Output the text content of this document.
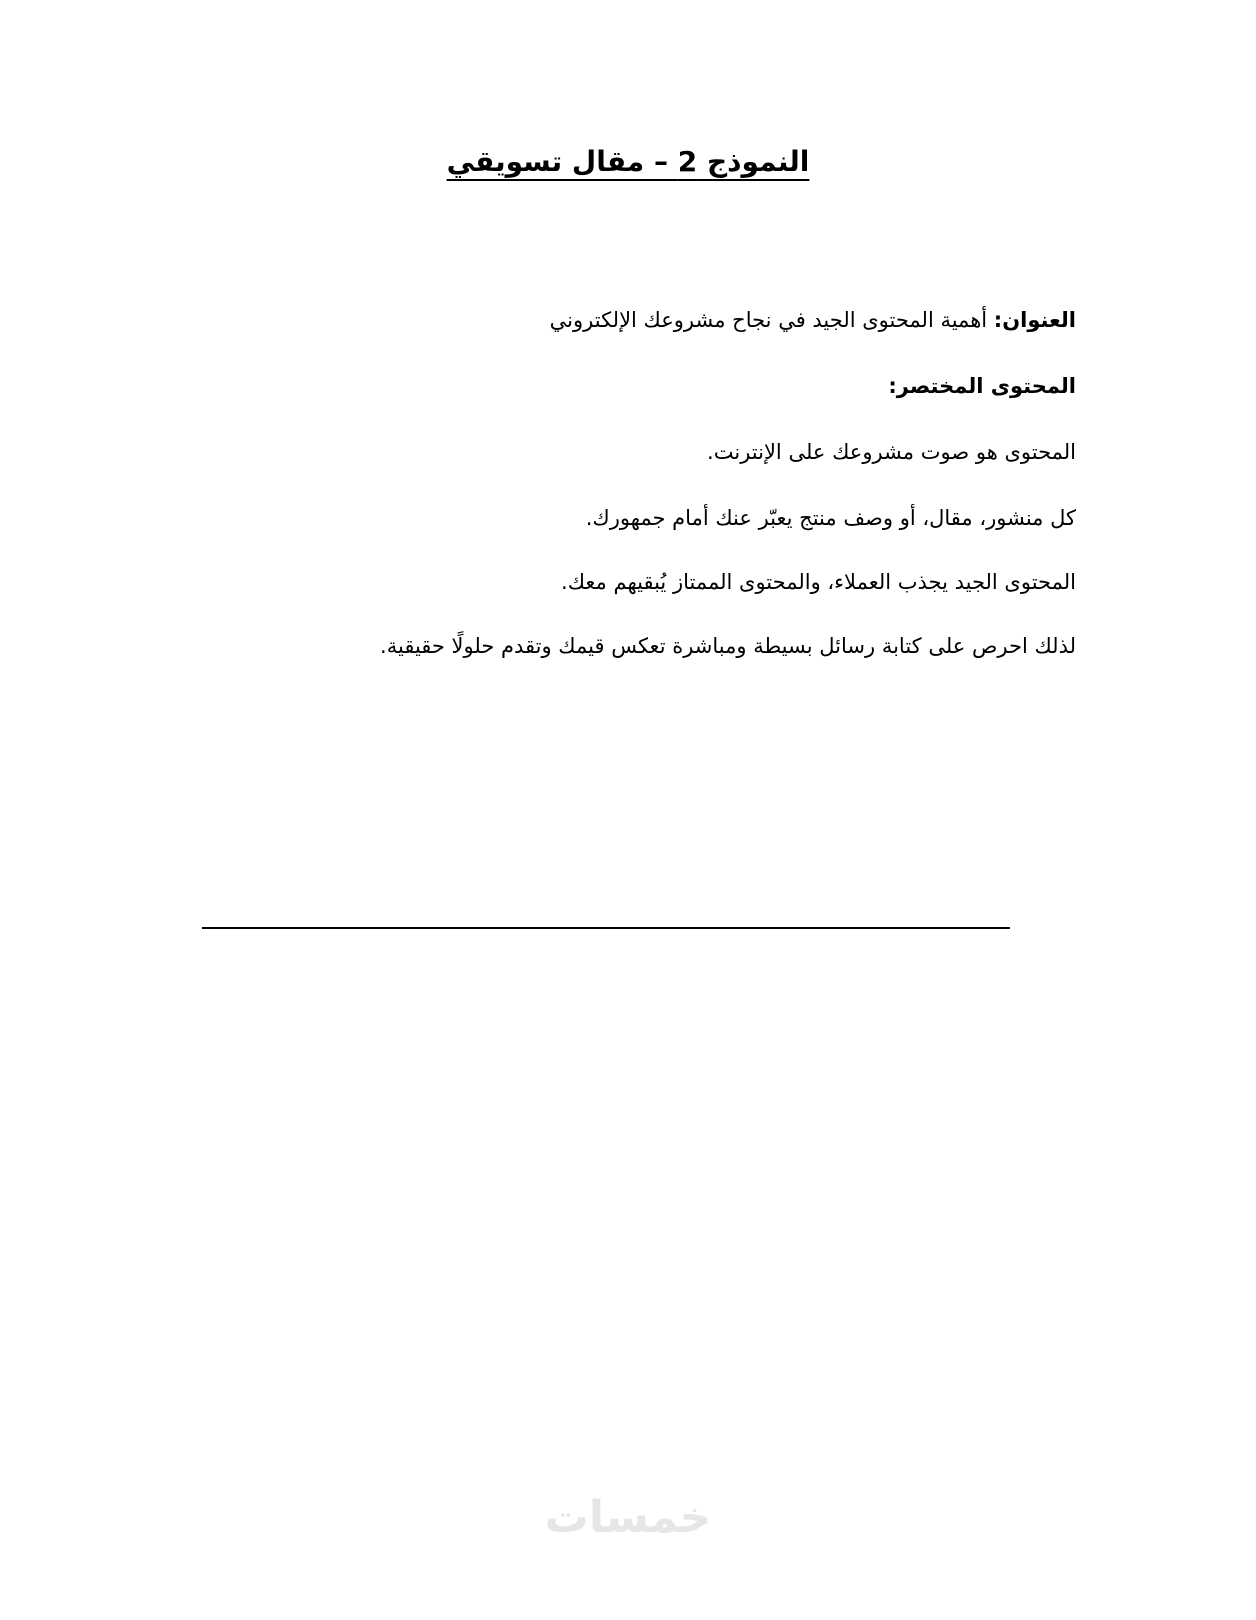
النموذج 2 – مقال تسويقي
العنوان: أهمية المحتوى الجيد في نجاح مشروعك الإلكتروني
المحتوى المختصر:
المحتوى هو صوت مشروعك على الإنترنت.
كل منشور، مقال، أو وصف منتج يعبّر عنك أمام جمهورك.
المحتوى الجيد يجذب العملاء، والمحتوى الممتاز يُبقيهم معك.
لذلك احرص على كتابة رسائل بسيطة ومباشرة تعكس قيمك وتقدم حلولًا حقيقية.
خمسات
